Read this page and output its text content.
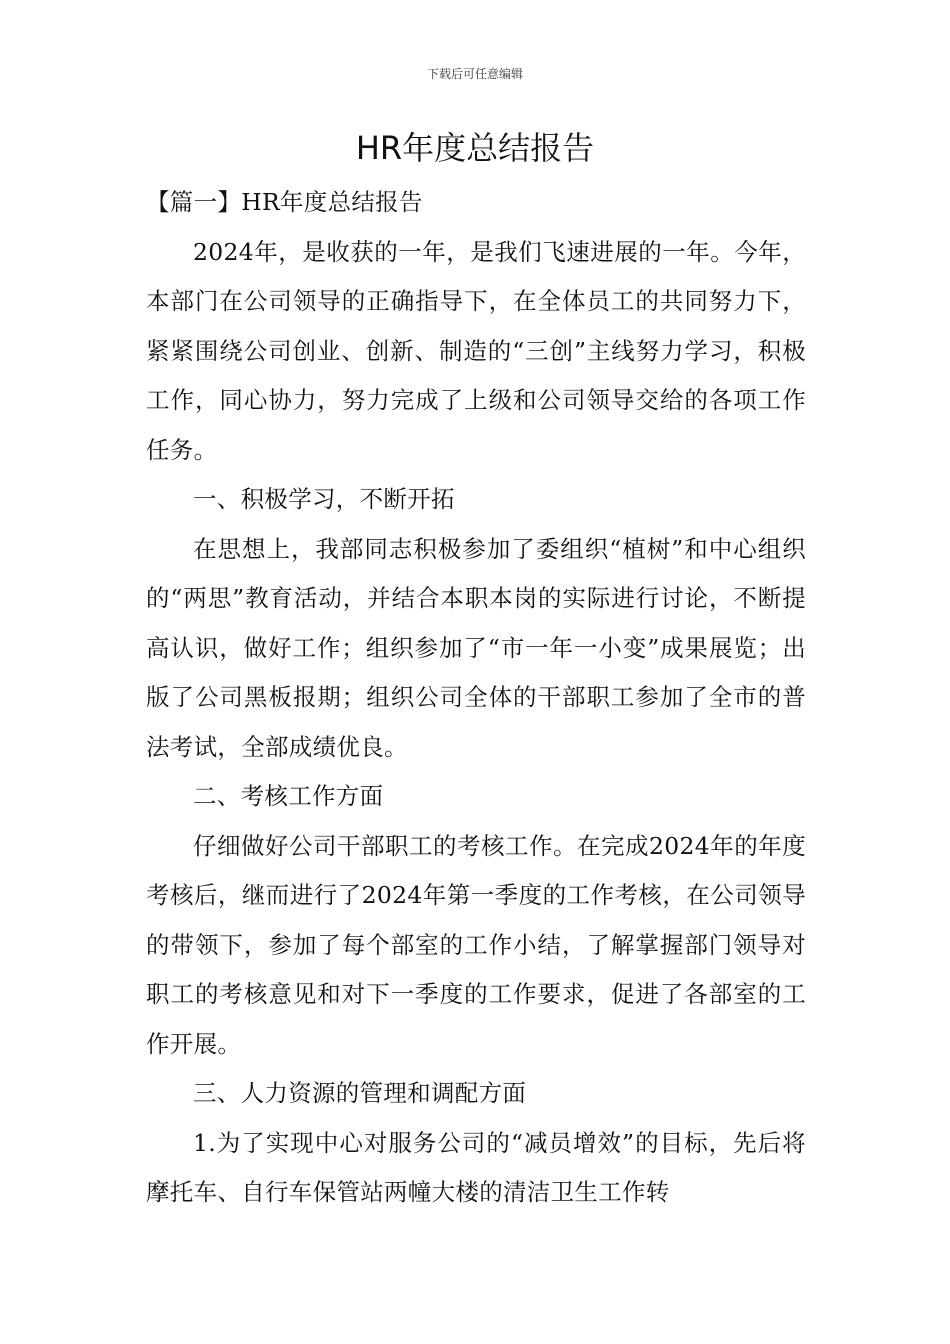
下载后可任意编辑
HR年度总结报告

【篇一】HR年度总结报告

2024年，是收获的一年，是我们飞速进展的一年。今年，本部门在公司领导的正确指导下，在全体员工的共同努力下，紧紧围绕公司创业、创新、制造的“三创”主线努力学习，积极工作，同心协力，努力完成了上级和公司领导交给的各项工作任务。

一、积极学习，不断开拓

在思想上，我部同志积极参加了委组织“植树”和中心组织的“两思”教育活动，并结合本职本岗的实际进行讨论，不断提高认识，做好工作；组织参加了“市一年一小变”成果展览；出版了公司黑板报期；组织公司全体的干部职工参加了全市的普法考试，全部成绩优良。

二、考核工作方面

仔细做好公司干部职工的考核工作。在完成2024年的年度考核后，继而进行了2024年第一季度的工作考核，在公司领导的带领下，参加了每个部室的工作小结，了解掌握部门领导对职工的考核意见和对下一季度的工作要求，促进了各部室的工作开展。

三、人力资源的管理和调配方面

1.为了实现中心对服务公司的“减员增效”的目标，先后将摩托车、自行车保管站两幢大楼的清洁卫生工作转
